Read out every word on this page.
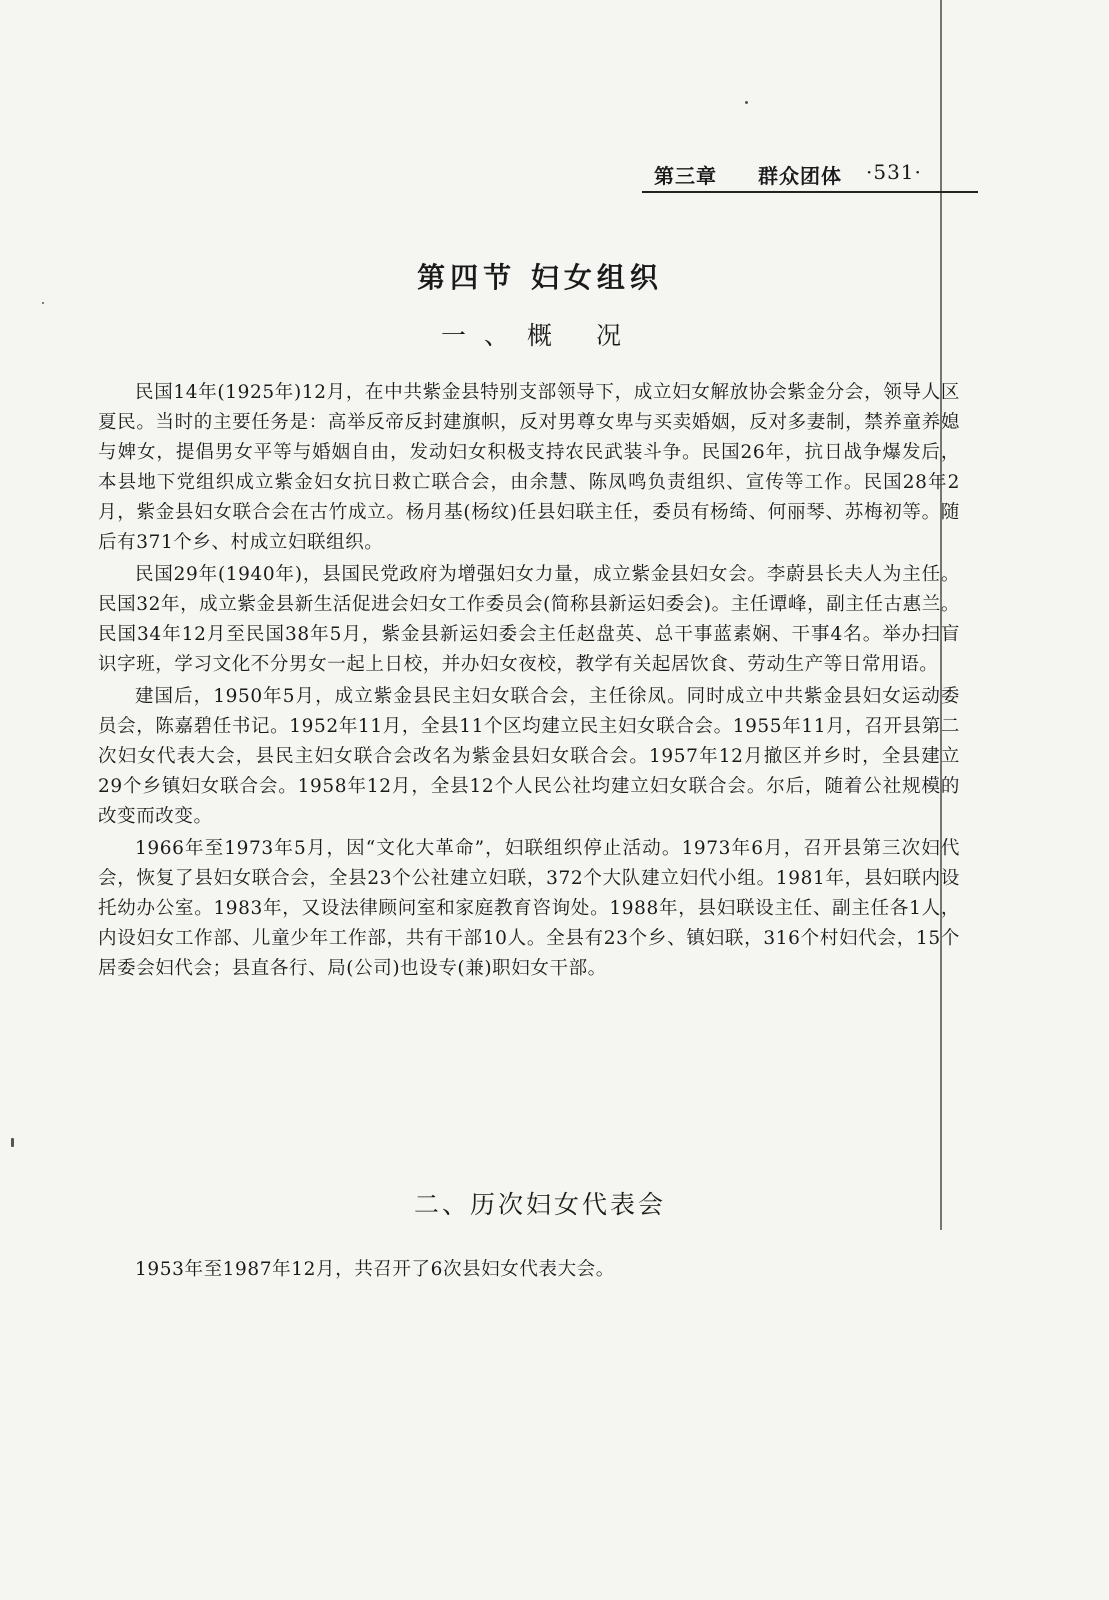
第三章 群众团体 ·531·
第四节 妇女组织
一、概 况

民国14年(1925年)12月，在中共紫金县特别支部领导下，成立妇女解放协会紫金分会，领导人区夏民。当时的主要任务是：高举反帝反封建旗帜，反对男尊女卑与买卖婚姻，反对多妻制，禁养童养媳与婢女，提倡男女平等与婚姻自由，发动妇女积极支持农民武装斗争。民国26年，抗日战争爆发后，本县地下党组织成立紫金妇女抗日救亡联合会，由余慧、陈凤鸣负责组织、宣传等工作。民国28年2月，紫金县妇女联合会在古竹成立。杨月基(杨纹)任县妇联主任，委员有杨绮、何丽琴、苏梅初等。随后有371个乡、村成立妇联组织。

民国29年(1940年)，县国民党政府为增强妇女力量，成立紫金县妇女会。李蔚县长夫人为主任。民国32年，成立紫金县新生活促进会妇女工作委员会(简称县新运妇委会)。主任谭峰，副主任古惠兰。民国34年12月至民国38年5月，紫金县新运妇委会主任赵盘英、总干事蓝素娴、干事4名。举办扫盲识字班，学习文化不分男女一起上日校，并办妇女夜校，教学有关起居饮食、劳动生产等日常用语。

建国后，1950年5月，成立紫金县民主妇女联合会，主任徐凤。同时成立中共紫金县妇女运动委员会，陈嘉碧任书记。1952年11月，全县11个区均建立民主妇女联合会。1955年11月，召开县第二次妇女代表大会，县民主妇女联合会改名为紫金县妇女联合会。1957年12月撤区并乡时，全县建立29个乡镇妇女联合会。1958年12月，全县12个人民公社均建立妇女联合会。尔后，随着公社规模的改变而改变。

1966年至1973年5月，因“文化大革命”，妇联组织停止活动。1973年6月，召开县第三次妇代会，恢复了县妇女联合会，全县23个公社建立妇联，372个大队建立妇代小组。1981年，县妇联内设托幼办公室。1983年，又设法律顾问室和家庭教育咨询处。1988年，县妇联设主任、副主任各1人，内设妇女工作部、儿童少年工作部，共有干部10人。全县有23个乡、镇妇联，316个村妇代会，15个居委会妇代会；县直各行、局(公司)也设专(兼)职妇女干部。

二、历次妇女代表会

1953年至1987年12月，共召开了6次县妇女代表大会。
